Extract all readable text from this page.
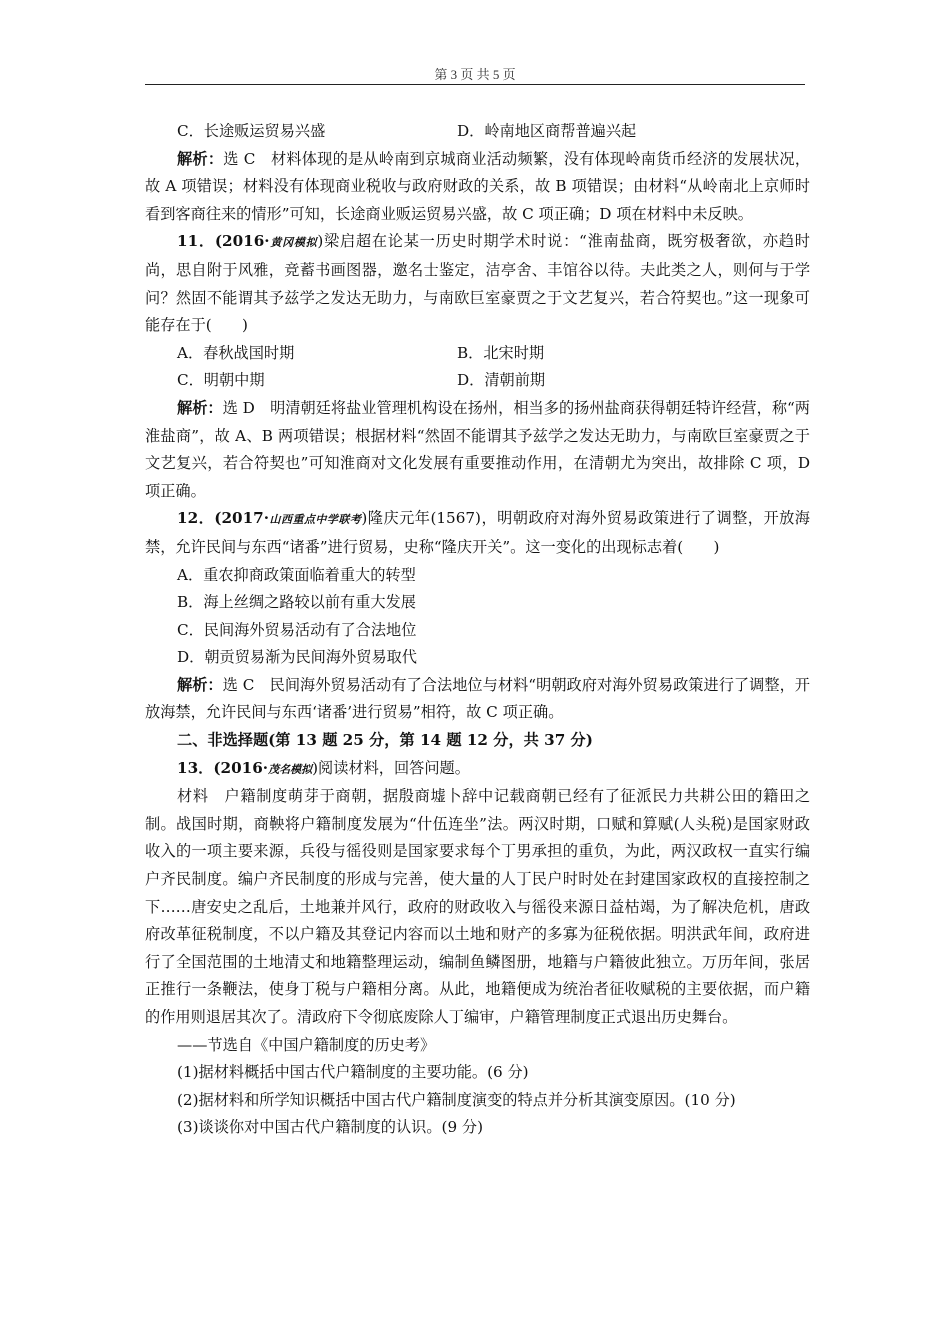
第 3 页 共 5 页
C．长途贩运贸易兴盛	D．岭南地区商帮普遍兴起

解析：选 C　材料体现的是从岭南到京城商业活动频繁，没有体现岭南货币经济的发展状况，故 A 项错误；材料没有体现商业税收与政府财政的关系，故 B 项错误；由材料“从岭南北上京师时看到客商往来的情形”可知，长途商业贩运贸易兴盛，故 C 项正确；D 项在材料中未反映。

11．(2016·黄冈模拟)梁启超在论某一历史时期学术时说：“淮南盐商，既穷极奢欲，亦趋时尚，思自附于风雅，竞蓄书画图器，邀名士鉴定，洁亭舍、丰馆谷以待。夫此类之人，则何与于学问？然固不能谓其予兹学之发达无助力，与南欧巨室豪贾之于文艺复兴，若合符契也。”这一现象可能存在于(　　)

A．春秋战国时期	B．北宋时期
C．明朝中期	D．清朝前期

解析：选 D　明清朝廷将盐业管理机构设在扬州，相当多的扬州盐商获得朝廷特许经营，称“两淮盐商”，故 A、B 两项错误；根据材料“然固不能谓其予兹学之发达无助力，与南欧巨室豪贾之于文艺复兴，若合符契也”可知淮商对文化发展有重要推动作用，在清朝尤为突出，故排除 C 项，D 项正确。

12．(2017·山西重点中学联考)隆庆元年(1567)，明朝政府对海外贸易政策进行了调整，开放海禁，允许民间与东西“诸番”进行贸易，史称“隆庆开关”。这一变化的出现标志着(　　)

A．重农抑商政策面临着重大的转型
B．海上丝绸之路较以前有重大发展
C．民间海外贸易活动有了合法地位
D．朝贡贸易渐为民间海外贸易取代

解析：选 C　民间海外贸易活动有了合法地位与材料“明朝政府对海外贸易政策进行了调整，开放海禁，允许民间与东西‘诸番’进行贸易”相符，故 C 项正确。

二、非选择题(第 13 题 25 分，第 14 题 12 分，共 37 分)

13．(2016·茂名模拟)阅读材料，回答问题。

材料　户籍制度萌芽于商朝，据殷商墟卜辞中记载商朝已经有了征派民力共耕公田的籍田之制。战国时期，商鞅将户籍制度发展为“什伍连坐”法。两汉时期，口赋和算赋(人头税)是国家财政收入的一项主要来源，兵役与徭役则是国家要求每个丁男承担的重负，为此，两汉政权一直实行编户齐民制度。编户齐民制度的形成与完善，使大量的人丁民户时时处在封建国家政权的直接控制之下……唐安史之乱后，土地兼并风行，政府的财政收入与徭役来源日益枯竭，为了解决危机，唐政府改革征税制度，不以户籍及其登记内容而以土地和财产的多寡为征税依据。明洪武年间，政府进行了全国范围的土地清丈和地籍整理运动，编制鱼鳞图册，地籍与户籍彼此独立。万历年间，张居正推行一条鞭法，使身丁税与户籍相分离。从此，地籍便成为统治者征收赋税的主要依据，而户籍的作用则退居其次了。清政府下令彻底废除人丁编审，户籍管理制度正式退出历史舞台。

——节选自《中国户籍制度的历史考》

(1)据材料概括中国古代户籍制度的主要功能。(6 分)

(2)据材料和所学知识概括中国古代户籍制度演变的特点并分析其演变原因。(10 分)

(3)谈谈你对中国古代户籍制度的认识。(9 分)
